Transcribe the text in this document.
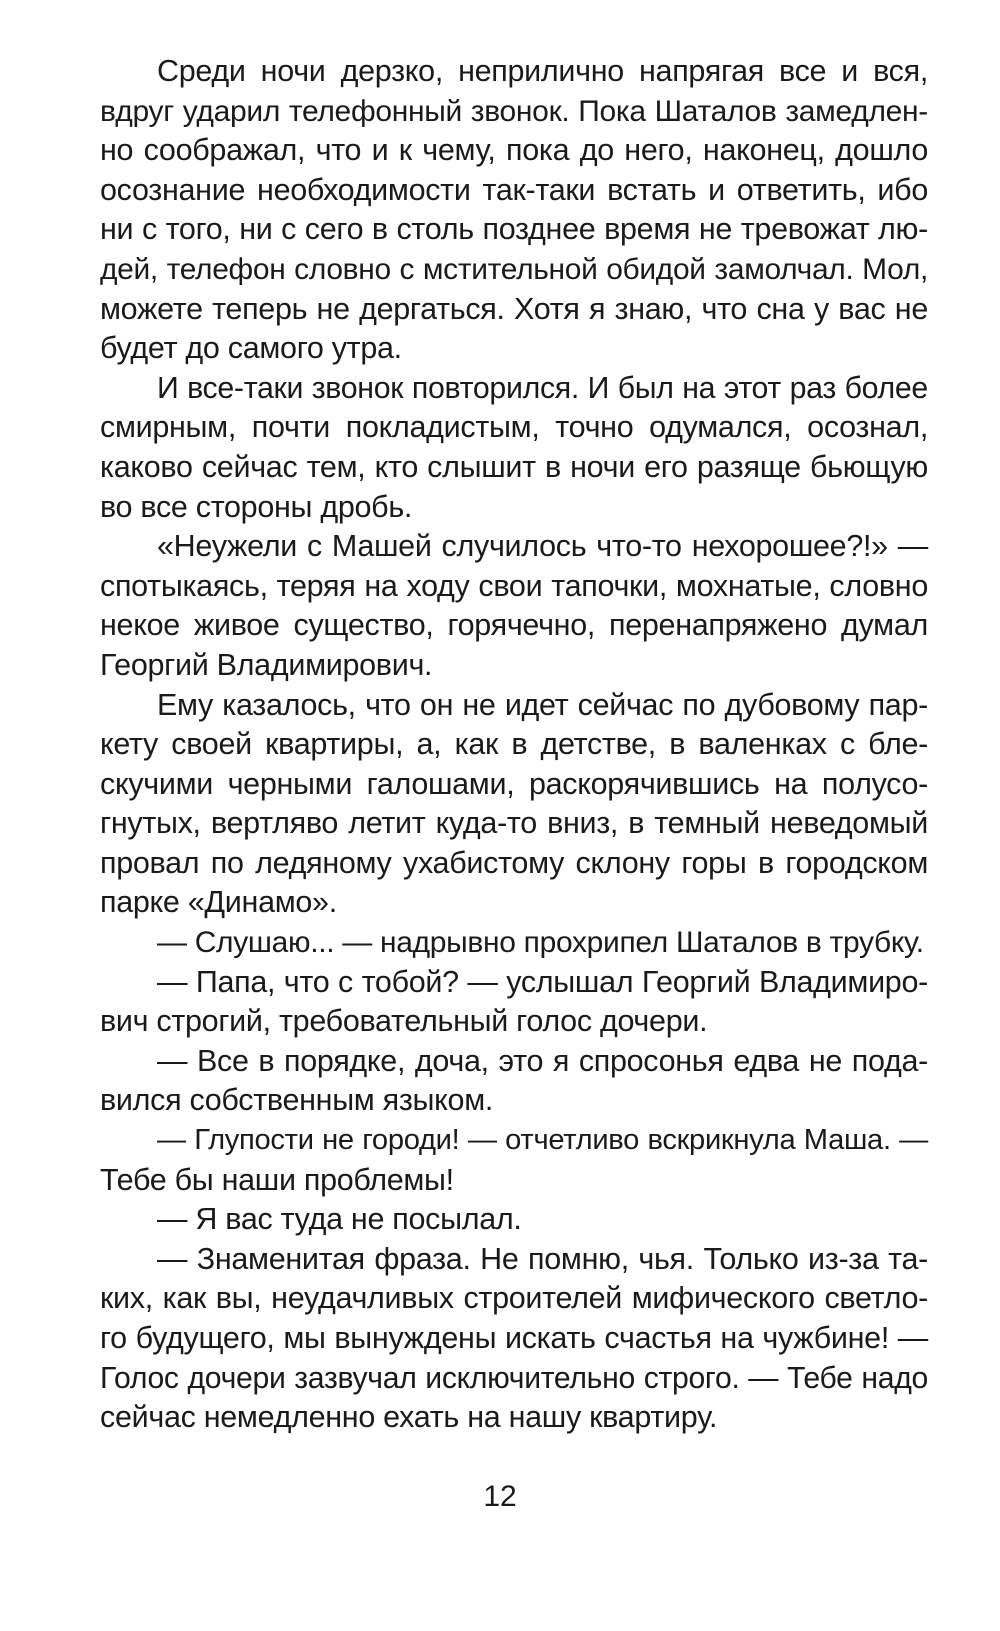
Среди ночи дерзко, неприлично напрягая все и вся,
вдруг ударил телефонный звонок. Пока Шаталов замедлен-
но соображал, что и к чему, пока до него, наконец, дошло
осознание необходимости так-таки встать и ответить, ибо
ни с того, ни с сего в столь позднее время не тревожат лю-
дей, телефон словно с мстительной обидой замолчал. Мол,
можете теперь не дергаться. Хотя я знаю, что сна у вас не
будет до самого утра.
И все-таки звонок повторился. И был на этот раз более
смирным, почти покладистым, точно одумался, осознал,
каково сейчас тем, кто слышит в ночи его разяще бьющую
во все стороны дробь.
«Неужели с Машей случилось что-то нехорошее?!» —
спотыкаясь, теряя на ходу свои тапочки, мохнатые, словно
некое живое существо, горячечно, перенапряжено думал
Георгий Владимирович.
Ему казалось, что он не идет сейчас по дубовому пар-
кету своей квартиры, а, как в детстве, в валенках с бле-
скучими черными галошами, раскорячившись на полусо-
гнутых, вертляво летит куда-то вниз, в темный неведомый
провал по ледяному ухабистому склону горы в городском
парке «Динамо».
— Слушаю... — надрывно прохрипел Шаталов в трубку.
— Папа, что с тобой? — услышал Георгий Владимиро-
вич строгий, требовательный голос дочери.
— Все в порядке, доча, это я спросонья едва не пода-
вился собственным языком.
— Глупости не городи! — отчетливо вскрикнула Маша. —
Тебе бы наши проблемы!
— Я вас туда не посылал.
— Знаменитая фраза. Не помню, чья. Только из-за та-
ких, как вы, неудачливых строителей мифического светло-
го будущего, мы вынуждены искать счастья на чужбине! —
Голос дочери зазвучал исключительно строго. — Тебе надо
сейчас немедленно ехать на нашу квартиру.
12
